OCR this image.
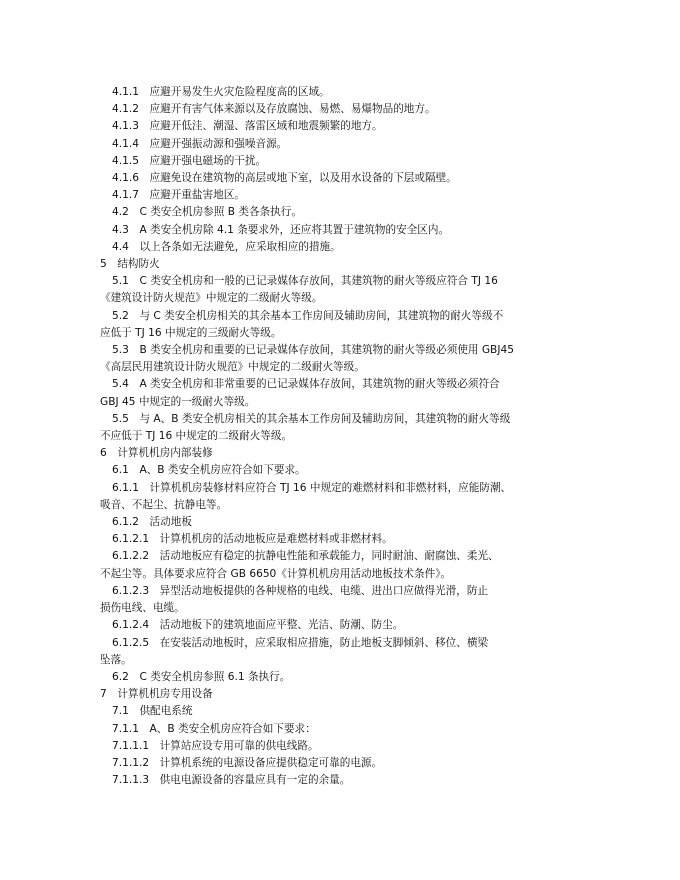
4.1.1　应避开易发生火灾危险程度高的区域。
4.1.2　应避开有害气体来源以及存放腐蚀、易燃、易爆物品的地方。
4.1.3　应避开低洼、潮湿、落雷区域和地震频繁的地方。
4.1.4　应避开强振动源和强噪音源。
4.1.5　应避开强电磁场的干扰。
4.1.6　应避免设在建筑物的高层或地下室，以及用水设备的下层或隔壁。
4.1.7　应避开重盐害地区。
4.2　C 类安全机房参照 B 类各条执行。
4.3　A 类安全机房除 4.1 条要求外，还应将其置于建筑物的安全区内。
4.4　以上各条如无法避免，应采取相应的措施。
5　结构防火
5.1　C 类安全机房和一般的已记录媒体存放间，其建筑物的耐火等级应符合 TJ 16
《建筑设计防火规范》中规定的二级耐火等级。
5.2　与 C 类安全机房相关的其余基本工作房间及辅助房间，其建筑物的耐火等级不
应低于 TJ 16 中规定的三级耐火等级。
5.3　B 类安全机房和重要的已记录媒体存放间，其建筑物的耐火等级必须使用 GBJ45
《高层民用建筑设计防火规范》中规定的二级耐火等级。
5.4　A 类安全机房和非常重要的已记录媒体存放间，其建筑物的耐火等级必须符合
GBJ 45 中规定的一级耐火等级。
5.5　与 A、B 类安全机房相关的其余基本工作房间及辅助房间，其建筑物的耐火等级
不应低于 TJ 16 中规定的二级耐火等级。
6　计算机机房内部装修
6.1　A、B 类安全机房应符合如下要求。
6.1.1　计算机机房装修材料应符合 TJ 16 中规定的难燃材料和非燃材料，应能防潮、
吸音、不起尘、抗静电等。
6.1.2　活动地板
6.1.2.1　计算机机房的活动地板应是难燃材料或非燃材料。
6.1.2.2　活动地板应有稳定的抗静电性能和承载能力，同时耐油、耐腐蚀、柔光、
不起尘等。具体要求应符合 GB 6650《计算机机房用活动地板技术条件》。
6.1.2.3　异型活动地板提供的各种规格的电线、电缆、进出口应做得光滑，防止
损伤电线、电缆。
6.1.2.4　活动地板下的建筑地面应平整、光洁、防潮、防尘。
6.1.2.5　在安装活动地板时，应采取相应措施，防止地板支脚倾斜、移位、横梁
坠落。
6.2　C 类安全机房参照 6.1 条执行。
7　计算机机房专用设备
7.1　供配电系统
7.1.1　A、B 类安全机房应符合如下要求：
7.1.1.1　计算站应设专用可靠的供电线路。
7.1.1.2　计算机系统的电源设备应提供稳定可靠的电源。
7.1.1.3　供电电源设备的容量应具有一定的余量。
